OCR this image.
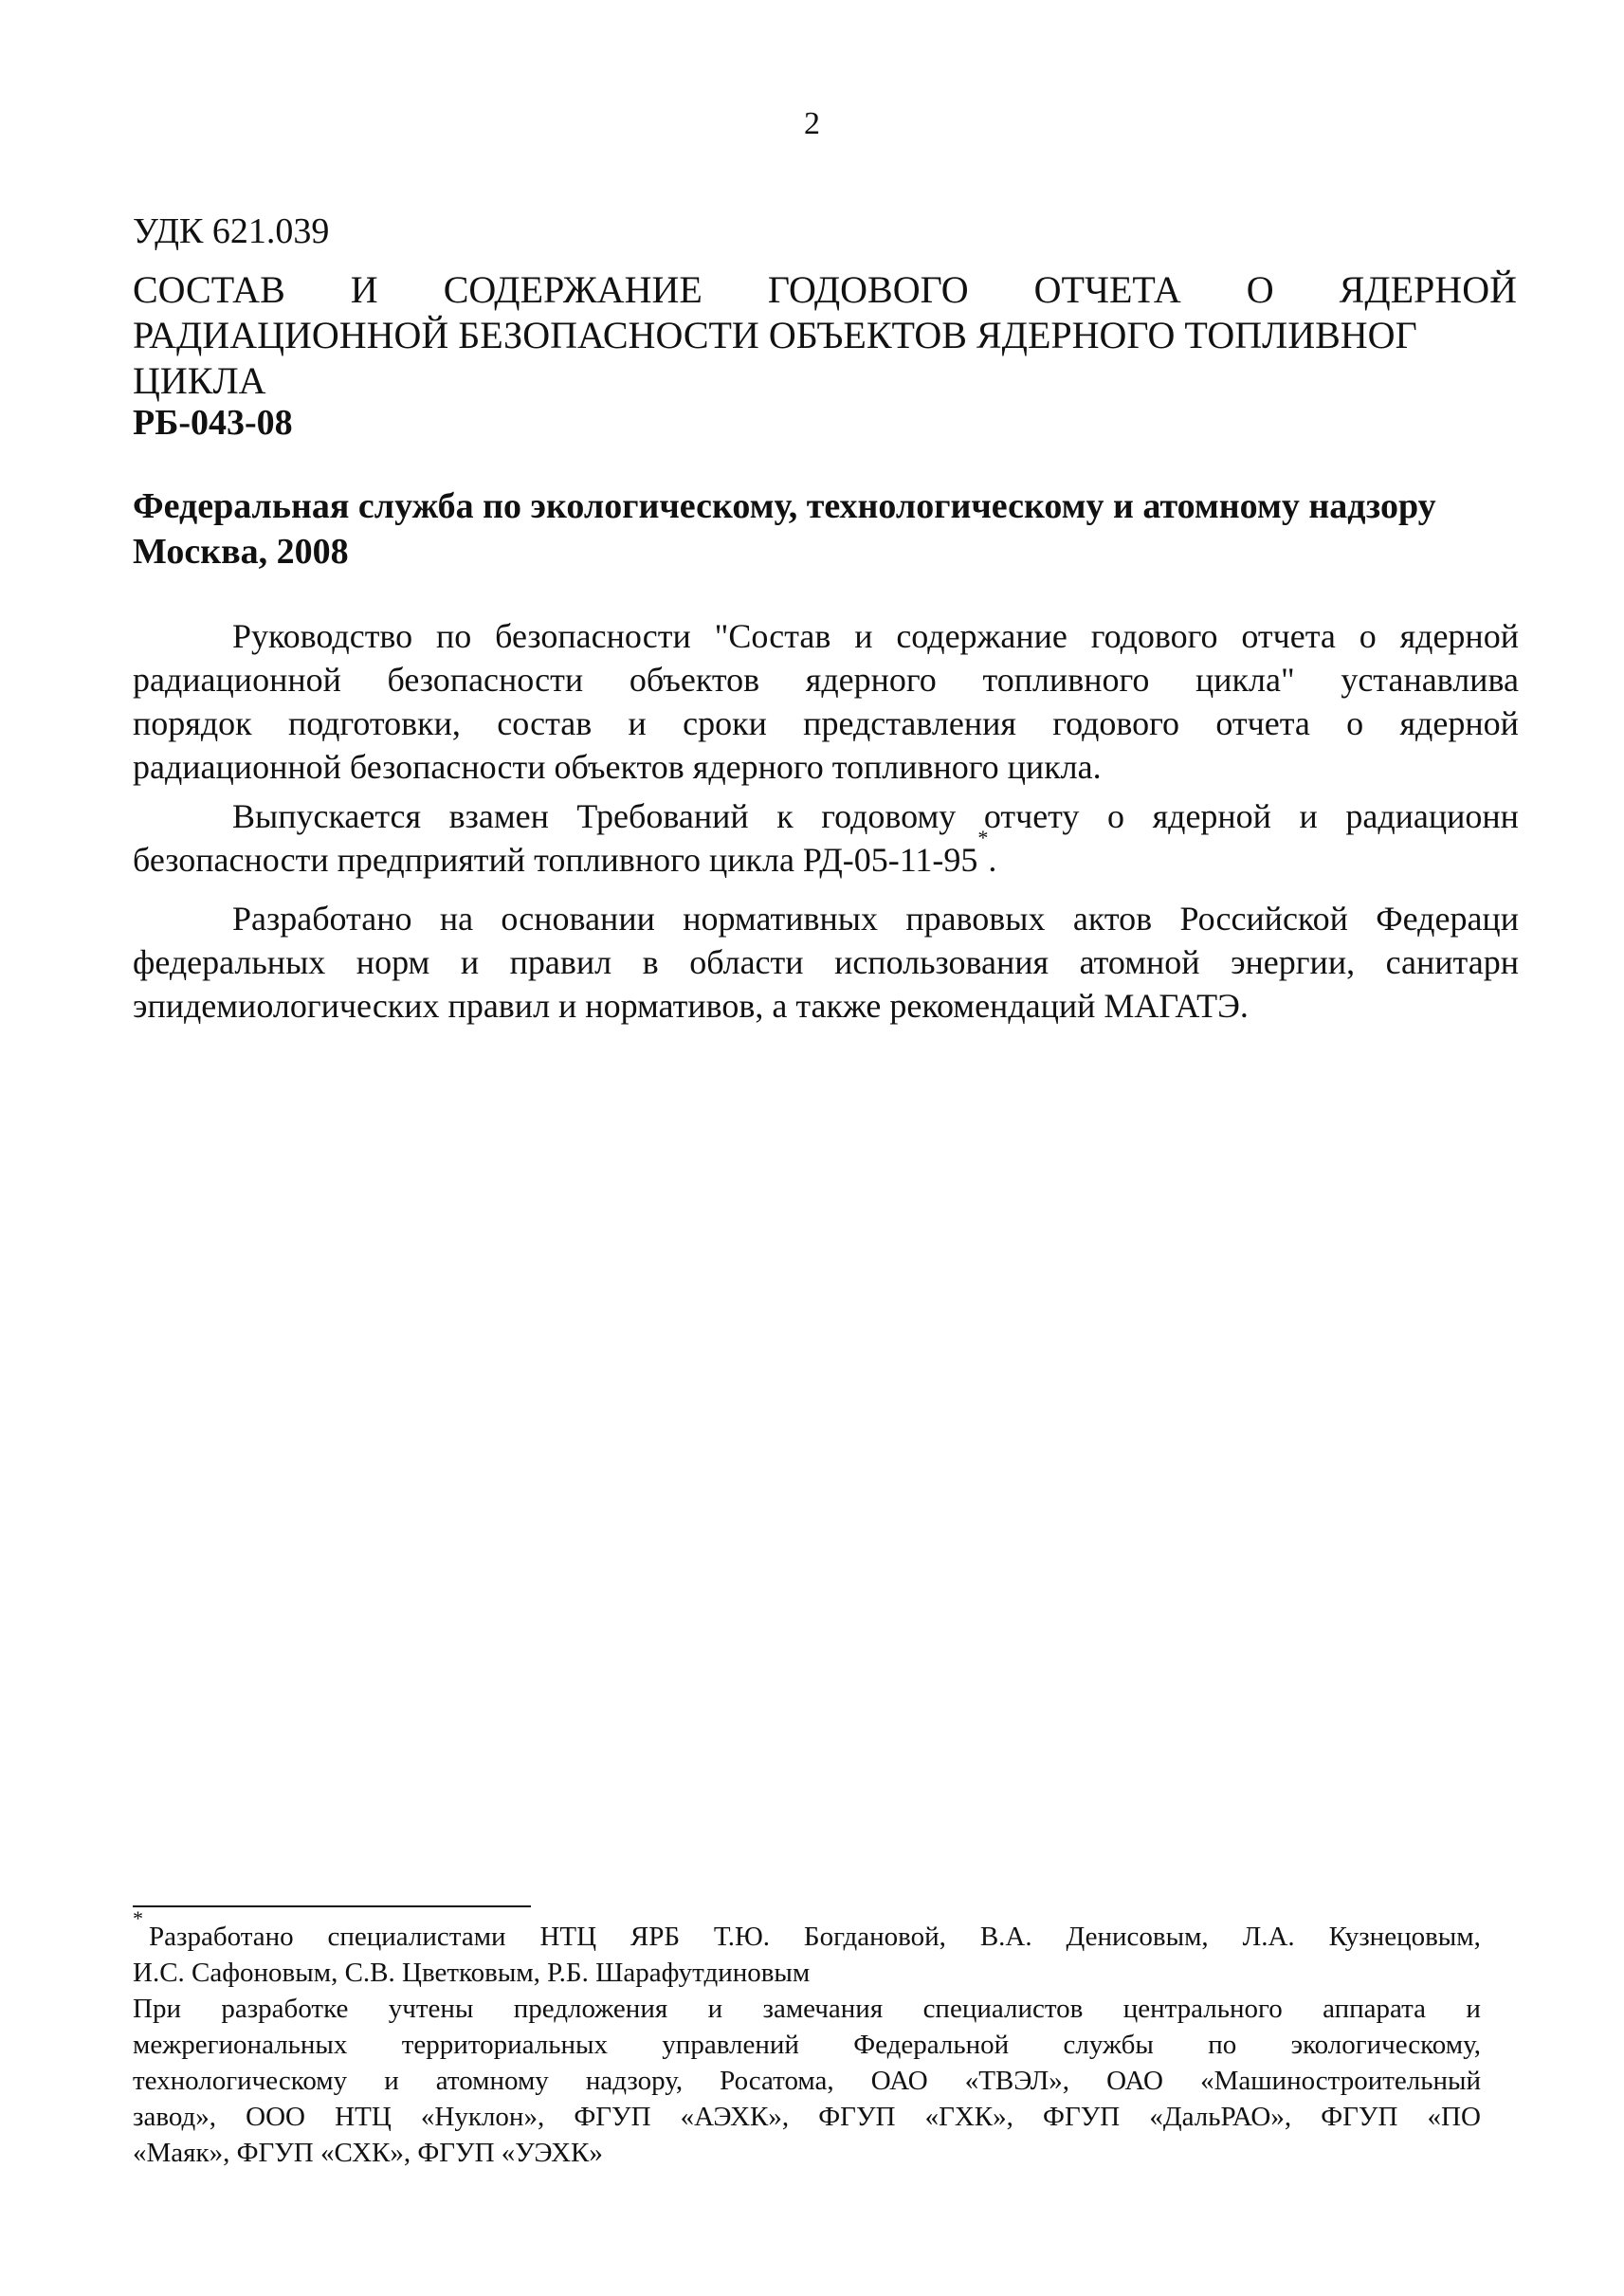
2
УДК 621.039
СОСТАВ И СОДЕРЖАНИЕ ГОДОВОГО ОТЧЕТА О ЯДЕРНОЙ
РАДИАЦИОННОЙ БЕЗОПАСНОСТИ ОБЪЕКТОВ ЯДЕРНОГО ТОПЛИВНОГ
ЦИКЛА
РБ-043-08
Федеральная служба по экологическому, технологическому и атомному надзору
Москва, 2008
Руководство по безопасности "Состав и содержание годового отчета о ядерной
радиационной безопасности объектов ядерного топливного цикла" устанавлива
порядок подготовки, состав и сроки представления годового отчета о ядерной
радиационной безопасности объектов ядерного топливного цикла.
Выпускается взамен Требований к годовому отчету о ядерной и радиационн
безопасности предприятий топливного цикла РД-05-11-95
*
.
Разработано на основании нормативных правовых актов Российской Федераци
федеральных норм и правил в области использования атомной энергии, санитарн
эпидемиологических правил и нормативов, а также рекомендаций МАГАТЭ.
*
Разработано специалистами НТЦ ЯРБ Т.Ю. Богдановой, В.А. Денисовым, Л.А. Кузнецовым,
И.С. Сафоновым, С.В. Цветковым, Р.Б. Шарафутдиновым
При разработке учтены предложения и замечания специалистов центрального аппарата и
межрегиональных территориальных управлений Федеральной службы по экологическому,
технологическому и атомному надзору, Росатома, ОАО «ТВЭЛ», ОАО «Машиностроительный
завод», ООО НТЦ «Нуклон», ФГУП «АЭХК», ФГУП «ГХК», ФГУП «ДальРАО», ФГУП «ПО
«Маяк», ФГУП «СХК», ФГУП «УЭХК»
